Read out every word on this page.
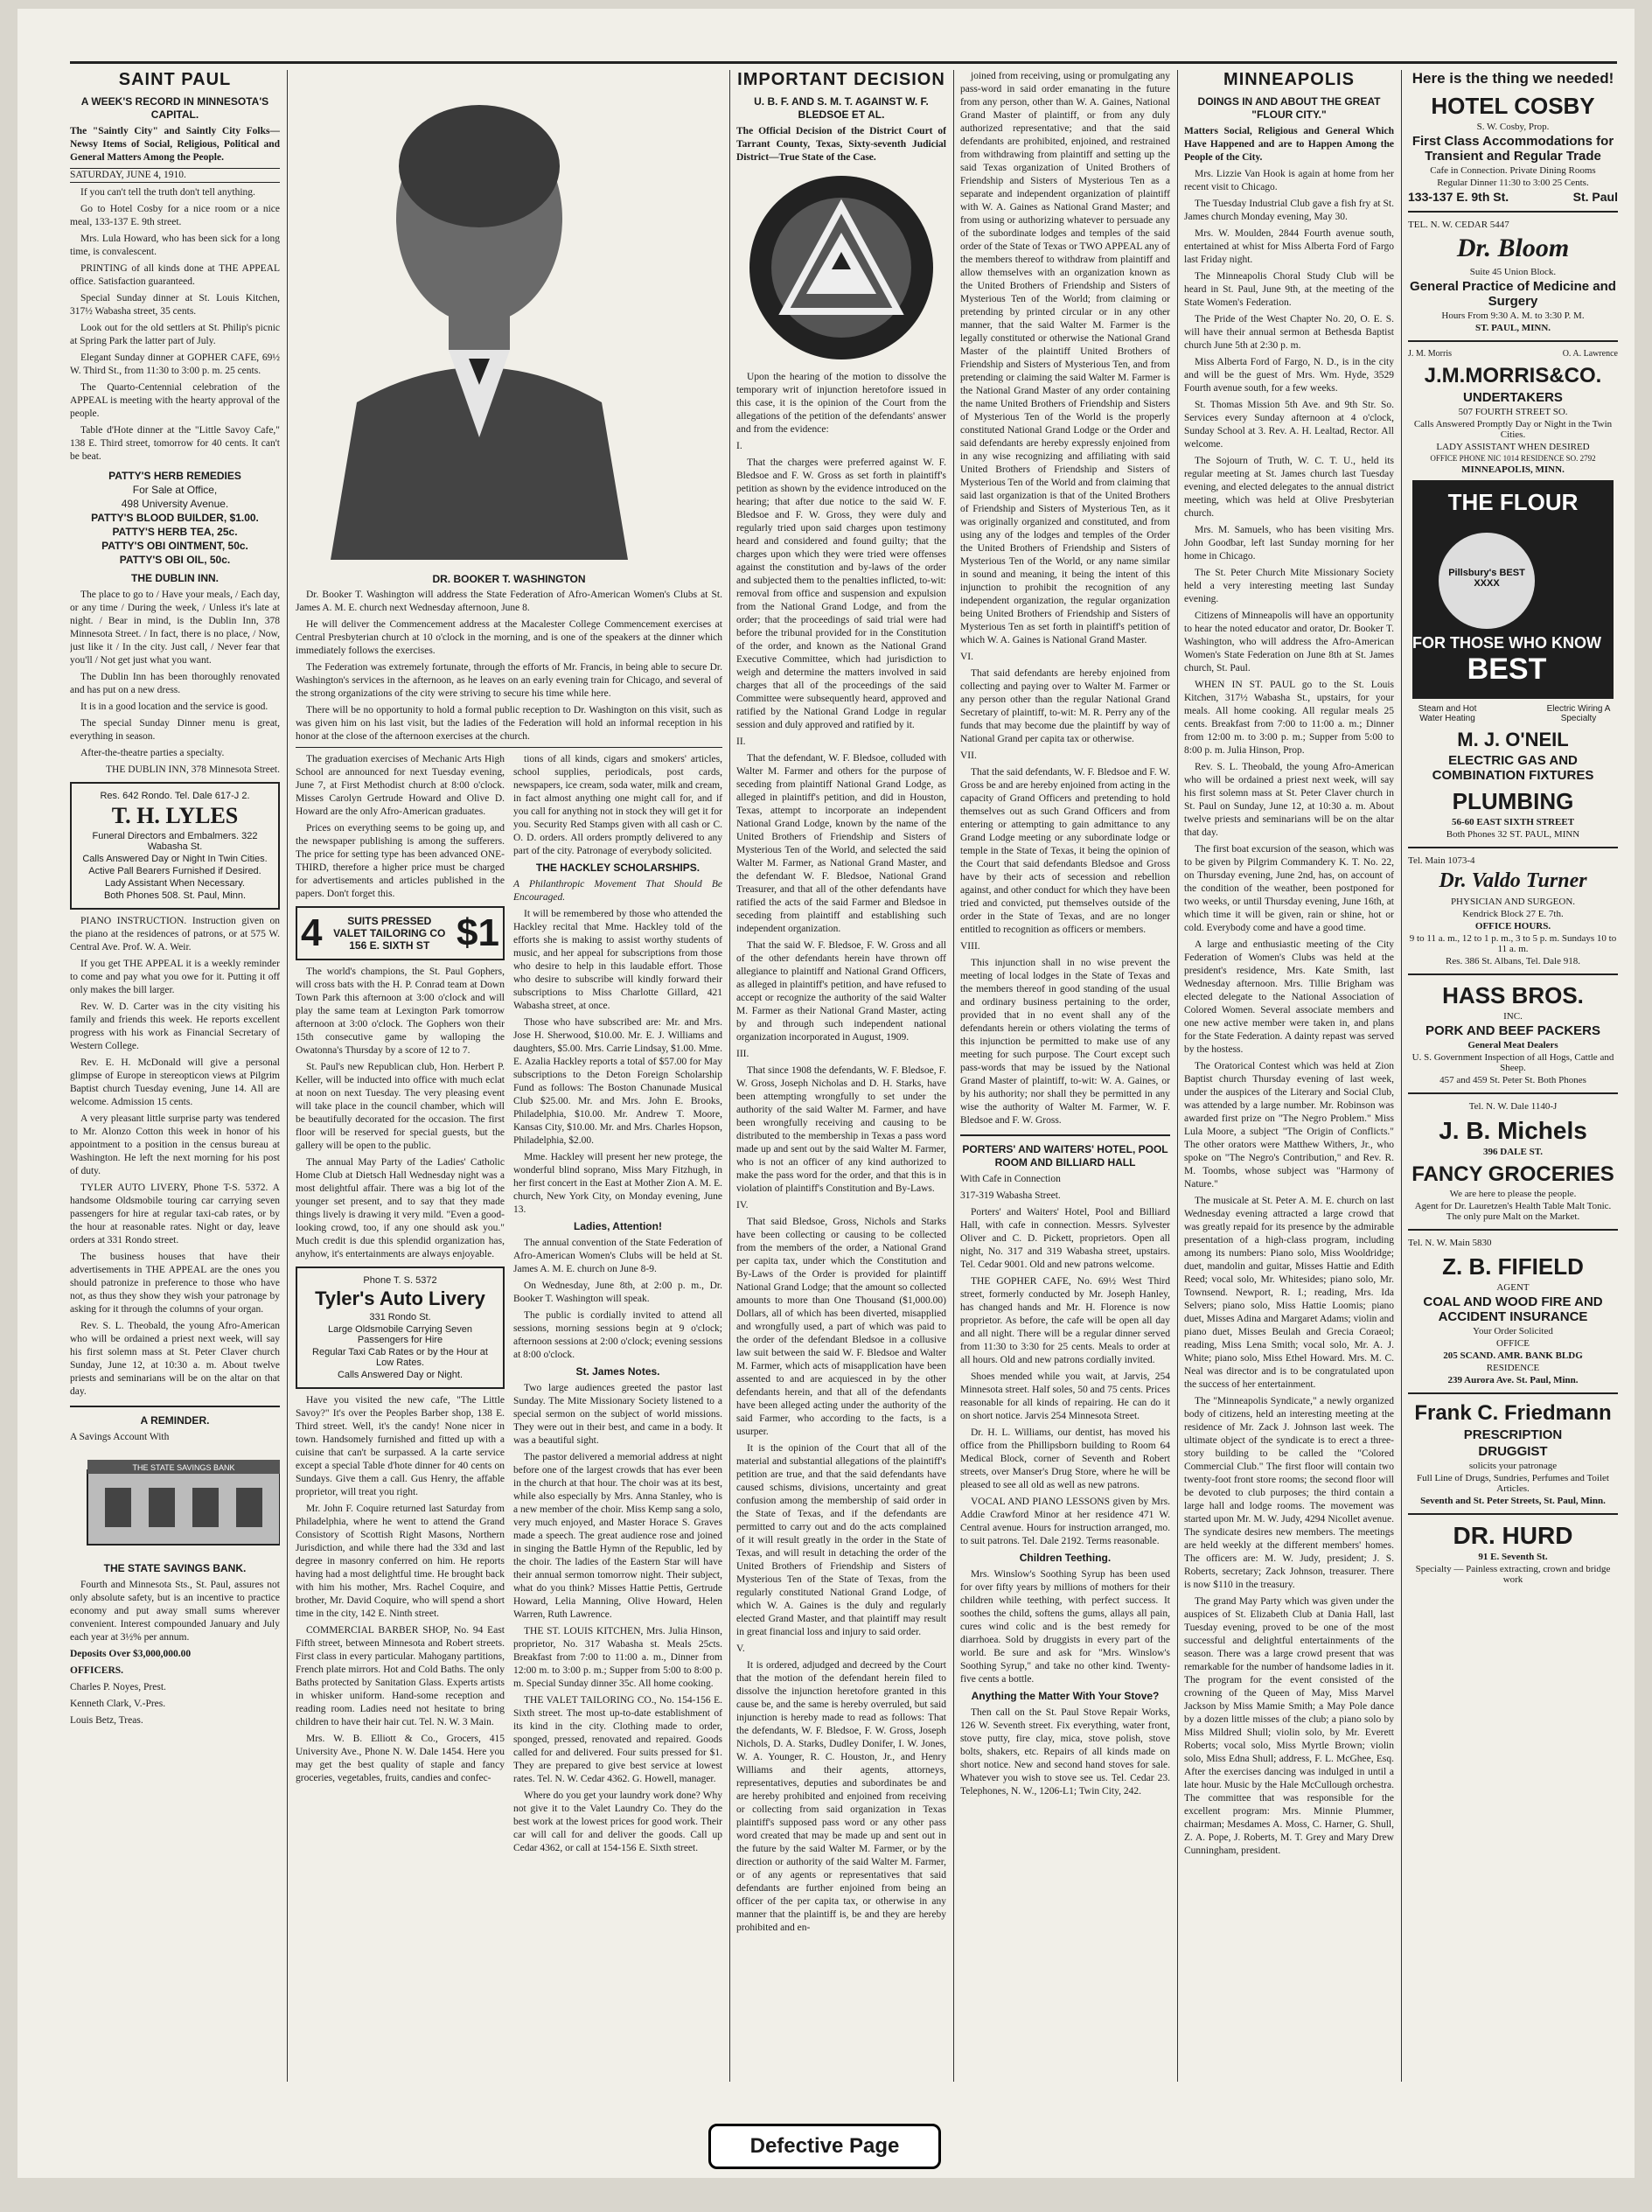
SAINT PAUL
A WEEK'S RECORD IN MINNESOTA'S CAPITAL.

The "Saintly City" and Saintly City Folks—Newsy Items of Social, Religious, Political and General Matters Among the People.

SATURDAY, JUNE 4, 1910.

If you can't tell the truth don't tell anything.

Go to Hotel Cosby for a nice room or a nice meal, 133-137 E. 9th street.

Mrs. Lula Howard, who has been sick for a long time, is convalescent.

PRINTING of all kinds done at THE APPEAL office. Satisfaction guaranteed.

Special Sunday dinner at St. Louis Kitchen, 317½ Wabasha street, 35 cents.

Look out for the old settlers at St. Philip's picnic at Spring Park the latter part of July.

Elegant Sunday dinner at GOPHER CAFE, 69½ W. Third St., from 11:30 to 3:00 p. m. 25 cents.

The Quarto-Centennial celebration of the APPEAL is meeting with the hearty approval of the people.

Table d'Hote dinner at the "Little Savoy Cafe," 138 E. Third street, tomorrow for 40 cents. It can't be beat.

PATTY'S HERB REMEDIES
For Sale at Office,
498 University Avenue.
PATTY'S BLOOD BUILDER, $1.00.
PATTY'S HERB TEA, 25c.
PATTY'S OBI OINTMENT, 50c.
PATTY'S OBI OIL, 50c.
THE DUBLIN INN.

The place to go to / Have your meals, / Each day, or any time / During the week, / Unless it's late at night. / Bear in mind, is the Dublin Inn, 378 Minnesota Street. / In fact, there is no place, / Now, just like it / In the city. Just call, / Never fear that you'll / Not get just what you want.

The Dublin Inn has been thoroughly renovated and has put on a new dress.

It is in a good location and the service is good.

The special Sunday Dinner menu is great, everything in season.

After-the-theatre parties a specialty.

THE DUBLIN INN, 378 Minnesota Street.

Res. 642 Rondo. Tel. Dale 617-J 2.
T. H. LYLES
Funeral Directors and Embalmers. 322 Wabasha St.
Calls Answered Day or Night In Twin Cities.
Active Pall Bearers Furnished if Desired.
Lady Assistant When Necessary.
Both Phones 508. St. Paul, Minn.

PIANO INSTRUCTION. Instruction given on the piano at the residences of patrons, or at 575 W. Central Ave. Prof. W. A. Weir.

If you get THE APPEAL it is a weekly reminder to come and pay what you owe for it. Putting it off only makes the bill larger.

Rev. W. D. Carter was in the city visiting his family and friends this week. He reports excellent progress with his work as Financial Secretary of Western College.

Rev. E. H. McDonald will give a personal glimpse of Europe in stereopticon views at Pilgrim Baptist church Tuesday evening, June 14. All are welcome. Admission 15 cents.

A very pleasant little surprise party was tendered to Mr. Alonzo Cotton this week in honor of his appointment to a position in the census bureau at Washington. He left the next morning for his post of duty.

TYLER AUTO LIVERY, Phone T-S. 5372. A handsome Oldsmobile touring car carrying seven passengers for hire at regular taxi-cab rates, or by the hour at reasonable rates. Night or day, leave orders at 331 Rondo street.

The business houses that have their advertisements in THE APPEAL are the ones you should patronize in preference to those who have not, as thus they show they wish your patronage by asking for it through the columns of your organ.

Rev. S. L. Theobald, the young Afro-American who will be ordained a priest next week, will say his first solemn mass at St. Peter Claver church Sunday, June 12, at 10:30 a. m. About twelve priests and seminarians will be on the altar on that day.

A REMINDER.

A Savings Account With

THE STATE SAVINGS BANK
THE STATE SAVINGS BANK.

Fourth and Minnesota Sts., St. Paul, assures not only absolute safety, but is an incentive to practice economy and put away small sums wherever convenient. Interest compounded January and July each year at 3½% per annum.

Deposits Over $3,000,000.00

OFFICERS.

Charles P. Noyes, Prest.

Kenneth Clark, V.-Pres.

Louis Betz, Treas.

DR. BOOKER T. WASHINGTON

Dr. Booker T. Washington will address the State Federation of Afro-American Women's Clubs at St. James A. M. E. church next Wednesday afternoon, June 8.

He will deliver the Commencement address at the Macalester College Commencement exercises at Central Presbyterian church at 10 o'clock in the morning, and is one of the speakers at the dinner which immediately follows the exercises.

The Federation was extremely fortunate, through the efforts of Mr. Francis, in being able to secure Dr. Washington's services in the afternoon, as he leaves on an early evening train for Chicago, and several of the strong organizations of the city were striving to secure his time while here.

There will be no opportunity to hold a formal public reception to Dr. Washington on this visit, such as was given him on his last visit, but the ladies of the Federation will hold an informal reception in his honor at the close of the afternoon exercises at the church.

The graduation exercises of Mechanic Arts High School are announced for next Tuesday evening, June 7, at First Methodist church at 8:00 o'clock. Misses Carolyn Gertrude Howard and Olive D. Howard are the only Afro-American graduates.

Prices on everything seems to be going up, and the newspaper publishing is among the sufferers. The price for setting type has been advanced ONE-THIRD, therefore a higher price must be charged for advertisements and articles published in the papers. Don't forget this.

4	SUITS PRESSED
VALET TAILORING CO
156 E. SIXTH ST $1

The world's champions, the St. Paul Gophers, will cross bats with the H. P. Conrad team at Down Town Park this afternoon at 3:00 o'clock and will play the same team at Lexington Park tomorrow afternoon at 3:00 o'clock. The Gophers won their 15th consecutive game by walloping the Owatonna's Thursday by a score of 12 to 7.

St. Paul's new Republican club, Hon. Herbert P. Keller, will be inducted into office with much eclat at noon on next Tuesday. The very pleasing event will take place in the council chamber, which will be beautifully decorated for the occasion. The first floor will be reserved for special guests, but the gallery will be open to the public.

The annual May Party of the Ladies' Catholic Home Club at Dietsch Hall Wednesday night was a most delightful affair. There was a big lot of the younger set present, and to say that they made things lively is drawing it very mild. "Even a good-looking crowd, too, if any one should ask you." Much credit is due this splendid organization has, anyhow, it's entertainments are always enjoyable.

Phone T. S. 5372
Tyler's Auto Livery
331 Rondo St.
Large Oldsmobile Carrying Seven Passengers for Hire
Regular Taxi Cab Rates or by the Hour at Low Rates.
Calls Answered Day or Night.

Have you visited the new cafe, "The Little Savoy?" It's over the Peoples Barber shop, 138 E. Third street. Well, it's the candy! None nicer in town. Handsomely furnished and fitted up with a cuisine that can't be surpassed. A la carte service except a special Table d'hote dinner for 40 cents on Sundays. Give them a call. Gus Henry, the affable proprietor, will treat you right.

Mr. John F. Coquire returned last Saturday from Philadelphia, where he went to attend the Grand Consistory of Scottish Right Masons, Northern Jurisdiction, and while there had the 33d and last degree in masonry conferred on him. He reports having had a most delightful time. He brought back with him his mother, Mrs. Rachel Coquire, and brother, Mr. David Coquire, who will spend a short time in the city, 142 E. Ninth street.

COMMERCIAL BARBER SHOP, No. 94 East Fifth street, between Minnesota and Robert streets. First class in every particular. Mahogany partitions, French plate mirrors. Hot and Cold Baths. The only Baths protected by Sanitation Glass. Experts artists in whisker uniform. Hand-some reception and reading room. Ladies need not hesitate to bring children to have their hair cut. Tel. N. W. 3 Main.

Mrs. W. B. Elliott & Co., Grocers, 415 University Ave., Phone N. W. Dale 1454. Here you may get the best quality of staple and fancy groceries, vegetables, fruits, candies and confec-

tions of all kinds, cigars and smokers' articles, school supplies, periodicals, post cards, newspapers, ice cream, soda water, milk and cream, in fact almost anything one might call for, and if you call for anything not in stock they will get it for you. Security Red Stamps given with all cash or C. O. D. orders. All orders promptly delivered to any part of the city. Patronage of everybody solicited.

THE HACKLEY SCHOLARSHIPS.

A Philanthropic Movement That Should Be Encouraged.

It will be remembered by those who attended the Hackley recital that Mme. Hackley told of the efforts she is making to assist worthy students of music, and her appeal for subscriptions from those who desire to help in this laudable effort. Those who desire to subscribe will kindly forward their subscriptions to Miss Charlotte Gillard, 421 Wabasha street, at once.

Those who have subscribed are: Mr. and Mrs. Jose H. Sherwood, $10.00. Mr. E. J. Williams and daughters, $5.00. Mrs. Carrie Lindsay, $1.00. Mme. E. Azalia Hackley reports a total of $57.00 for May subscriptions to the Deton Foreign Scholarship Fund as follows: The Boston Chanunade Musical Club $25.00. Mr. and Mrs. John E. Brooks, Philadelphia, $10.00. Mr. Andrew T. Moore, Kansas City, $10.00. Mr. and Mrs. Charles Hopson, Philadelphia, $2.00.

Mme. Hackley will present her new protege, the wonderful blind soprano, Miss Mary Fitzhugh, in her first concert in the East at Mother Zion A. M. E. church, New York City, on Monday evening, June 13.

Ladies, Attention!

The annual convention of the State Federation of Afro-American Women's Clubs will be held at St. James A. M. E. church on June 8-9.

On Wednesday, June 8th, at 2:00 p. m., Dr. Booker T. Washington will speak.

The public is cordially invited to attend all sessions, morning sessions begin at 9 o'clock; afternoon sessions at 2:00 o'clock; evening sessions at 8:00 o'clock.

St. James Notes.

Two large audiences greeted the pastor last Sunday. The Mite Missionary Society listened to a special sermon on the subject of world missions. They were out in their best, and came in a body. It was a beautiful sight.

The pastor delivered a memorial address at night before one of the largest crowds that has ever been in the church at that hour. The choir was at its best, while also especially by Mrs. Anna Stanley, who is a new member of the choir. Miss Kemp sang a solo, very much enjoyed, and Master Horace S. Graves made a speech. The great audience rose and joined in singing the Battle Hymn of the Republic, led by the choir. The ladies of the Eastern Star will have their annual sermon tomorrow night. Their subject, what do you think? Misses Hattie Pettis, Gertrude Howard, Lelia Manning, Olive Howard, Helen Warren, Ruth Lawrence.

THE ST. LOUIS KITCHEN, Mrs. Julia Hinson, proprietor, No. 317 Wabasha st. Meals 25cts. Breakfast from 7:00 to 11:00 a. m., Dinner from 12:00 m. to 3:00 p. m.; Supper from 5:00 to 8:00 p. m. Special Sunday dinner 35c. All home cooking.

THE VALET TAILORING CO., No. 154-156 E. Sixth street. The most up-to-date establishment of its kind in the city. Clothing made to order, sponged, pressed, renovated and repaired. Goods called for and delivered. Four suits pressed for $1. They are prepared to give best service at lowest rates. Tel. N. W. Cedar 4362. G. Howell, manager.

Where do you get your laundry work done? Why not give it to the Valet Laundry Co. They do the best work at the lowest prices for good work. Their car will call for and deliver the goods. Call up Cedar 4362, or call at 154-156 E. Sixth street.

IMPORTANT DECISION
U. B. F. AND S. M. T. AGAINST W. F. BLEDSOE ET AL.

The Official Decision of the District Court of Tarrant County, Texas, Sixty-seventh Judicial District—True State of the Case.

Upon the hearing of the motion to dissolve the temporary writ of injunction heretofore issued in this case, it is the opinion of the Court from the allegations of the petition of the defendants' answer and from the evidence:

I.

That the charges were preferred against W. F. Bledsoe and F. W. Gross as set forth in plaintiff's petition as shown by the evidence introduced on the hearing; that after due notice to the said W. F. Bledsoe and F. W. Gross, they were duly and regularly tried upon said charges upon testimony heard and considered and found guilty; that the charges upon which they were tried were offenses against the constitution and by-laws of the order and subjected them to the penalties inflicted, to-wit: removal from office and suspension and expulsion from the National Grand Lodge, and from the order; that the proceedings of said trial were had before the tribunal provided for in the Constitution of the order, and known as the National Grand Executive Committee, which had jurisdiction to weigh and determine the matters involved in said charges that all of the proceedings of the said Committee were subsequently heard, approved and ratified by the National Grand Lodge in regular session and duly approved and ratified by it.

II.

That the defendant, W. F. Bledsoe, colluded with Walter M. Farmer and others for the purpose of seceding from plaintiff National Grand Lodge, as alleged in plaintiff's petition, and did in Houston, Texas, attempt to incorporate an independent National Grand Lodge, known by the name of the United Brothers of Friendship and Sisters of Mysterious Ten of the World, and selected the said Walter M. Farmer, as National Grand Master, and the defendant W. F. Bledsoe, National Grand Treasurer, and that all of the other defendants have ratified the acts of the said Farmer and Bledsoe in seceding from plaintiff and establishing such independent organization.

That the said W. F. Bledsoe, F. W. Gross and all of the other defendants herein have thrown off allegiance to plaintiff and National Grand Officers, as alleged in plaintiff's petition, and have refused to accept or recognize the authority of the said Walter M. Farmer as their National Grand Master, acting by and through such independent national organization incorporated in August, 1909.

III.

That since 1908 the defendants, W. F. Bledsoe, F. W. Gross, Joseph Nicholas and D. H. Starks, have been attempting wrongfully to set under the authority of the said Walter M. Farmer, and have been wrongfully receiving and causing to be distributed to the membership in Texas a pass word made up and sent out by the said Walter M. Farmer, who is not an officer of any kind authorized to make the pass word for the order, and that this is in violation of plaintiff's Constitution and By-Laws.

IV.

That said Bledsoe, Gross, Nichols and Starks have been collecting or causing to be collected from the members of the order, a National Grand per capita tax, under which the Constitution and By-Laws of the Order is provided for plaintiff National Grand Lodge; that the amount so collected amounts to more than One Thousand ($1,000.00) Dollars, all of which has been diverted, misapplied and wrongfully used, a part of which was paid to the order of the defendant Bledsoe in a collusive law suit between the said W. F. Bledsoe and Walter M. Farmer, which acts of misapplication have been assented to and are acquiesced in by the other defendants herein, and that all of the defendants have been alleged acting under the authority of the said Farmer, who according to the facts, is a usurper.

It is the opinion of the Court that all of the material and substantial allegations of the plaintiff's petition are true, and that the said defendants have caused schisms, divisions, uncertainty and great confusion among the membership of said order in the State of Texas, and if the defendants are permitted to carry out and do the acts complained of it will result greatly in the order in the State of Texas, and will result in detaching the order of the United Brothers of Friendship and Sisters of Mysterious Ten of the State of Texas, from the regularly constituted National Grand Lodge, of which W. A. Gaines is the duly and regularly elected Grand Master, and that plaintiff may result in great financial loss and injury to said order.

V.

It is ordered, adjudged and decreed by the Court that the motion of the defendant herein filed to dissolve the injunction heretofore granted in this cause be, and the same is hereby overruled, but said injunction is hereby made to read as follows: That the defendants, W. F. Bledsoe, F. W. Gross, Joseph Nichols, D. A. Starks, Dudley Donifer, I. W. Jones, W. A. Younger, R. C. Houston, Jr., and Henry Williams and their agents, attorneys, representatives, deputies and subordinates be and are hereby prohibited and enjoined from receiving or collecting from said organization in Texas plaintiff's supposed pass word or any other pass word created that may be made up and sent out in the future by the said Walter M. Farmer, or by the direction or authority of the said Walter M. Farmer, or of any agents or representatives that said defendants are further enjoined from being an officer of the per capita tax, or otherwise in any manner that the plaintiff is, be and they are hereby prohibited and en-

joined from receiving, using or promulgating any pass-word in said order emanating in the future from any person, other than W. A. Gaines, National Grand Master of plaintiff, or from any duly authorized representative; and that the said defendants are prohibited, enjoined, and restrained from withdrawing from plaintiff and setting up the said Texas organization of United Brothers of Friendship and Sisters of Mysterious Ten as a separate and independent organization of plaintiff with W. A. Gaines as National Grand Master; and from using or authorizing whatever to persuade any of the subordinate lodges and temples of the said order of the State of Texas or TWO APPEAL any of the members thereof to withdraw from plaintiff and allow themselves with an organization known as the United Brothers of Friendship and Sisters of Mysterious Ten of the World; from claiming or pretending by printed circular or in any other manner, that the said Walter M. Farmer is the legally constituted or otherwise the National Grand Master of the plaintiff United Brothers of Friendship and Sisters of Mysterious Ten, and from pretending or claiming the said Walter M. Farmer is the National Grand Master of any order containing the name United Brothers of Friendship and Sisters of Mysterious Ten of the World is the properly constituted National Grand Lodge or the Order and said defendants are hereby expressly enjoined from in any wise recognizing and affiliating with said United Brothers of Friendship and Sisters of Mysterious Ten of the World and from claiming that said last organization is that of the United Brothers of Friendship and Sisters of Mysterious Ten, as it was originally organized and constituted, and from using any of the lodges and temples of the Order the United Brothers of Friendship and Sisters of Mysterious Ten of the World, or any name similar in sound and meaning, it being the intent of this injunction to prohibit the recognition of any independent organization, the regular organization being United Brothers of Friendship and Sisters of Mysterious Ten as set forth in plaintiff's petition of which W. A. Gaines is National Grand Master.

VI.

That said defendants are hereby enjoined from collecting and paying over to Walter M. Farmer or any person other than the regular National Grand Secretary of plaintiff, to-wit: M. R. Perry any of the funds that may become due the plaintiff by way of National Grand per capita tax or otherwise.

VII.

That the said defendants, W. F. Bledsoe and F. W. Gross be and are hereby enjoined from acting in the capacity of Grand Officers and pretending to hold themselves out as such Grand Officers and from entering or attempting to gain admittance to any Grand Lodge meeting or any subordinate lodge or temple in the State of Texas, it being the opinion of the Court that said defendants Bledsoe and Gross have by their acts of secession and rebellion against, and other conduct for which they have been tried and convicted, put themselves outside of the order in the State of Texas, and are no longer entitled to recognition as officers or members.

VIII.

This injunction shall in no wise prevent the meeting of local lodges in the State of Texas and the members thereof in good standing of the usual and ordinary business pertaining to the order, provided that in no event shall any of the defendants herein or others violating the terms of this injunction be permitted to make use of any meeting for such purpose. The Court except such pass-words that may be issued by the National Grand Master of plaintiff, to-wit: W. A. Gaines, or by his authority; nor shall they be permitted in any wise the authority of Walter M. Farmer, W. F. Bledsoe and F. W. Gross.

PORTERS' AND WAITERS' HOTEL, POOL ROOM AND BILLIARD HALL

With Cafe in Connection

317-319 Wabasha Street.

Porters' and Waiters' Hotel, Pool and Billiard Hall, with cafe in connection. Messrs. Sylvester Oliver and C. D. Pickett, proprietors. Open all night, No. 317 and 319 Wabasha street, upstairs. Tel. Cedar 9001. Old and new patrons welcome.

THE GOPHER CAFE, No. 69½ West Third street, formerly conducted by Mr. Joseph Hanley, has changed hands and Mr. H. Florence is now proprietor. As before, the cafe will be open all day and all night. There will be a regular dinner served from 11:30 to 3:30 for 25 cents. Meals to order at all hours. Old and new patrons cordially invited.

Shoes mended while you wait, at Jarvis, 254 Minnesota street. Half soles, 50 and 75 cents. Prices reasonable for all kinds of repairing. He can do it on short notice. Jarvis 254 Minnesota Street.

Dr. H. L. Williams, our dentist, has moved his office from the Phillipsborn building to Room 64 Medical Block, corner of Seventh and Robert streets, over Manser's Drug Store, where he will be pleased to see all old as well as new patrons.

VOCAL AND PIANO LESSONS given by Mrs. Addie Crawford Minor at her residence 471 W. Central avenue. Hours for instruction arranged, mo. to suit patrons. Tel. Dale 2192. Terms reasonable.

Children Teething.

Mrs. Winslow's Soothing Syrup has been used for over fifty years by millions of mothers for their children while teething, with perfect success. It soothes the child, softens the gums, allays all pain, cures wind colic and is the best remedy for diarrhoea. Sold by druggists in every part of the world. Be sure and ask for "Mrs. Winslow's Soothing Syrup," and take no other kind. Twenty-five cents a bottle.

Anything the Matter With Your Stove?

Then call on the St. Paul Stove Repair Works, 126 W. Seventh street. Fix everything, water front, stove putty, fire clay, mica, stove polish, stove bolts, shakers, etc. Repairs of all kinds made on short notice. New and second hand stoves for sale. Whatever you wish to stove see us. Tel. Cedar 23. Telephones, N. W., 1206-L1; Twin City, 242.

MINNEAPOLIS
DOINGS IN AND ABOUT THE GREAT "FLOUR CITY."

Matters Social, Religious and General Which Have Happened and are to Happen Among the People of the City.

Mrs. Lizzie Van Hook is again at home from her recent visit to Chicago.

The Tuesday Industrial Club gave a fish fry at St. James church Monday evening, May 30.

Mrs. W. Moulden, 2844 Fourth avenue south, entertained at whist for Miss Alberta Ford of Fargo last Friday night.

The Minneapolis Choral Study Club will be heard in St. Paul, June 9th, at the meeting of the State Women's Federation.

The Pride of the West Chapter No. 20, O. E. S. will have their annual sermon at Bethesda Baptist church June 5th at 2:30 p. m.

Miss Alberta Ford of Fargo, N. D., is in the city and will be the guest of Mrs. Wm. Hyde, 3529 Fourth avenue south, for a few weeks.

St. Thomas Mission 5th Ave. and 9th Str. So. Services every Sunday afternoon at 4 o'clock, Sunday School at 3. Rev. A. H. Lealtad, Rector. All welcome.

The Sojourn of Truth, W. C. T. U., held its regular meeting at St. James church last Tuesday evening, and elected delegates to the annual district meeting, which was held at Olive Presbyterian church.

Mrs. M. Samuels, who has been visiting Mrs. John Goodbar, left last Sunday morning for her home in Chicago.

The St. Peter Church Mite Missionary Society held a very interesting meeting last Sunday evening.

Citizens of Minneapolis will have an opportunity to hear the noted educator and orator, Dr. Booker T. Washington, who will address the Afro-American Women's State Federation on June 8th at St. James church, St. Paul.

WHEN IN ST. PAUL go to the St. Louis Kitchen, 317½ Wabasha St., upstairs, for your meals. All home cooking. All regular meals 25 cents. Breakfast from 7:00 to 11:00 a. m.; Dinner from 12:00 m. to 3:00 p. m.; Supper from 5:00 to 8:00 p. m. Julia Hinson, Prop.

Rev. S. L. Theobald, the young Afro-American who will be ordained a priest next week, will say his first solemn mass at St. Peter Claver church in St. Paul on Sunday, June 12, at 10:30 a. m. About twelve priests and seminarians will be on the altar that day.

The first boat excursion of the season, which was to be given by Pilgrim Commandery K. T. No. 22, on Thursday evening, June 2nd, has, on account of the condition of the weather, been postponed for two weeks, or until Thursday evening, June 16th, at which time it will be given, rain or shine, hot or cold. Everybody come and have a good time.

A large and enthusiastic meeting of the City Federation of Women's Clubs was held at the president's residence, Mrs. Kate Smith, last Wednesday afternoon. Mrs. Tillie Brigham was elected delegate to the National Association of Colored Women. Several associate members and one new active member were taken in, and plans for the State Federation. A dainty repast was served by the hostess.

The Oratorical Contest which was held at Zion Baptist church Thursday evening of last week, under the auspices of the Literary and Social Club, was attended by a large number. Mr. Robinson was awarded first prize on "The Negro Problem." Miss Lula Moore, a subject "The Origin of Conflicts." The other orators were Matthew Withers, Jr., who spoke on "The Negro's Contribution," and Rev. R. M. Toombs, whose subject was "Harmony of Nature."

The musicale at St. Peter A. M. E. church on last Wednesday evening attracted a large crowd that was greatly repaid for its presence by the admirable presentation of a high-class program, including among its numbers: Piano solo, Miss Wooldridge; duet, mandolin and guitar, Misses Hattie and Edith Reed; vocal solo, Mr. Whitesides; piano solo, Mr. Townsend. Newport, R. I.; reading, Mrs. Ida Selvers; piano solo, Miss Hattie Loomis; piano duet, Misses Adina and Margaret Adams; violin and piano duet, Misses Beulah and Grecia Coraeol; reading, Miss Lena Smith; vocal solo, Mr. A. J. White; piano solo, Miss Ethel Howard. Mrs. M. C. Neal was director and is to be congratulated upon the success of her entertainment.

The "Minneapolis Syndicate," a newly organized body of citizens, held an interesting meeting at the residence of Mr. Zack J. Johnson last week. The ultimate object of the syndicate is to erect a three-story building to be called the "Colored Commercial Club." The first floor will contain two twenty-foot front store rooms; the second floor will be devoted to club purposes; the third contain a large hall and lodge rooms. The movement was started upon Mr. M. W. Judy, 4294 Nicollet avenue. The syndicate desires new members. The meetings are held weekly at the different members' homes. The officers are: M. W. Judy, president; J. S. Roberts, secretary; Zack Johnson, treasurer. There is now $110 in the treasury.

The grand May Party which was given under the auspices of St. Elizabeth Club at Dania Hall, last Tuesday evening, proved to be one of the most successful and delightful entertainments of the season. There was a large crowd present that was remarkable for the number of handsome ladies in it. The program for the event consisted of the crowning of the Queen of May, Miss Marvel Jackson by Miss Mamie Smith; a May Pole dance by a dozen little misses of the club; a piano solo by Miss Mildred Shull; violin solo, by Mr. Everett Roberts; vocal solo, Miss Myrtle Brown; violin solo, Miss Edna Shull; address, F. L. McGhee, Esq. After the exercises dancing was indulged in until a late hour. Music by the Hale McCullough orchestra. The committee that was responsible for the excellent program: Mrs. Minnie Plummer, chairman; Mesdames A. Moss, C. Harner, G. Shull, Z. A. Pope, J. Roberts, M. T. Grey and Mary Drew Cunningham, president.

Here is the thing we needed!
HOTEL COSBY
S. W. Cosby, Prop.
First Class Accommodations for Transient and Regular Trade
Cafe in Connection. Private Dining Rooms
Regular Dinner 11:30 to 3:00 25 Cents.
133-137 E. 9th St.	St. Paul
TEL. N. W. CEDAR 5447
Dr. Bloom
Suite 45 Union Block.
General Practice of Medicine and Surgery
Hours From 9:30 A. M. to 3:30 P. M.
ST. PAUL, MINN.
J. M. Morris	O. A. Lawrence
J.M.MORRIS&CO.
UNDERTAKERS
507 FOURTH STREET SO.
Calls Answered Promptly Day or Night in the Twin Cities.
LADY ASSISTANT WHEN DESIRED
OFFICE PHONE NIC 1014 RESIDENCE SO. 2792
MINNEAPOLIS, MINN.
THE FLOUR
Pillsbury's BEST XXXX
FOR THOSE WHO KNOW
BEST
Steam and Hot Water Heating
Electric Wiring A Specialty
M. J. O'NEIL
ELECTRIC GAS AND COMBINATION FIXTURES
PLUMBING
56-60 EAST SIXTH STREET
Both Phones 32 ST. PAUL, MINN
Tel. Main 1073-4
Dr. Valdo Turner
PHYSICIAN AND SURGEON.
Kendrick Block 27 E. 7th.
OFFICE HOURS.
9 to 11 a. m., 12 to 1 p. m., 3 to 5 p. m. Sundays 10 to 11 a. m.
Res. 386 St. Albans, Tel. Dale 918.
HASS BROS.
INC.
PORK AND BEEF PACKERS
General Meat Dealers
U. S. Government Inspection of all Hogs, Cattle and Sheep.
457 and 459 St. Peter St. Both Phones
Tel. N. W. Dale 1140-J
J. B. Michels
396 DALE ST.
FANCY GROCERIES
We are here to please the people.
Agent for Dr. Lauretzen's Health Table Malt Tonic. The only pure Malt on the Market.
Tel. N. W. Main 5830
Z. B. FIFIELD
AGENT
COAL AND WOOD FIRE AND ACCIDENT INSURANCE
Your Order Solicited
OFFICE
205 SCAND. AMR. BANK BLDG
RESIDENCE
239 Aurora Ave. St. Paul, Minn.
Frank C. Friedmann
PRESCRIPTION
DRUGGIST
solicits your patronage
Full Line of Drugs, Sundries, Perfumes and Toilet Articles.
Seventh and St. Peter Streets, St. Paul, Minn.
DR. HURD
91 E. Seventh St.
Specialty — Painless extracting, crown and bridge work
Defective Page
